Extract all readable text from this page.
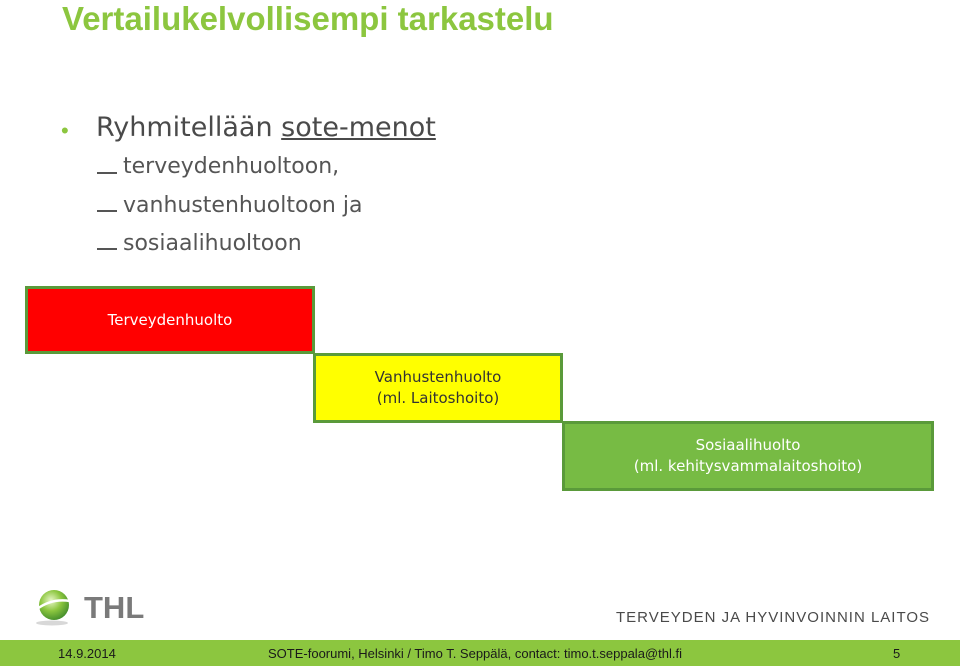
Vertailukelvollisempi tarkastelu
• Ryhmitellään sote-menot
terveydenhuoltoon,
vanhustenhuoltoon ja
sosiaalihuoltoon
Terveydenhuolto
Vanhustenhuolto
(ml. Laitoshoito)
Sosiaalihuolto
(ml. kehitysvammalaitoshoito)
THL	TERVEYDEN JA HYVINVOINNIN LAITOS
14.9.2014	SOTE-foorumi, Helsinki / Timo T. Seppälä, contact: timo.t.seppala@thl.fi	5
